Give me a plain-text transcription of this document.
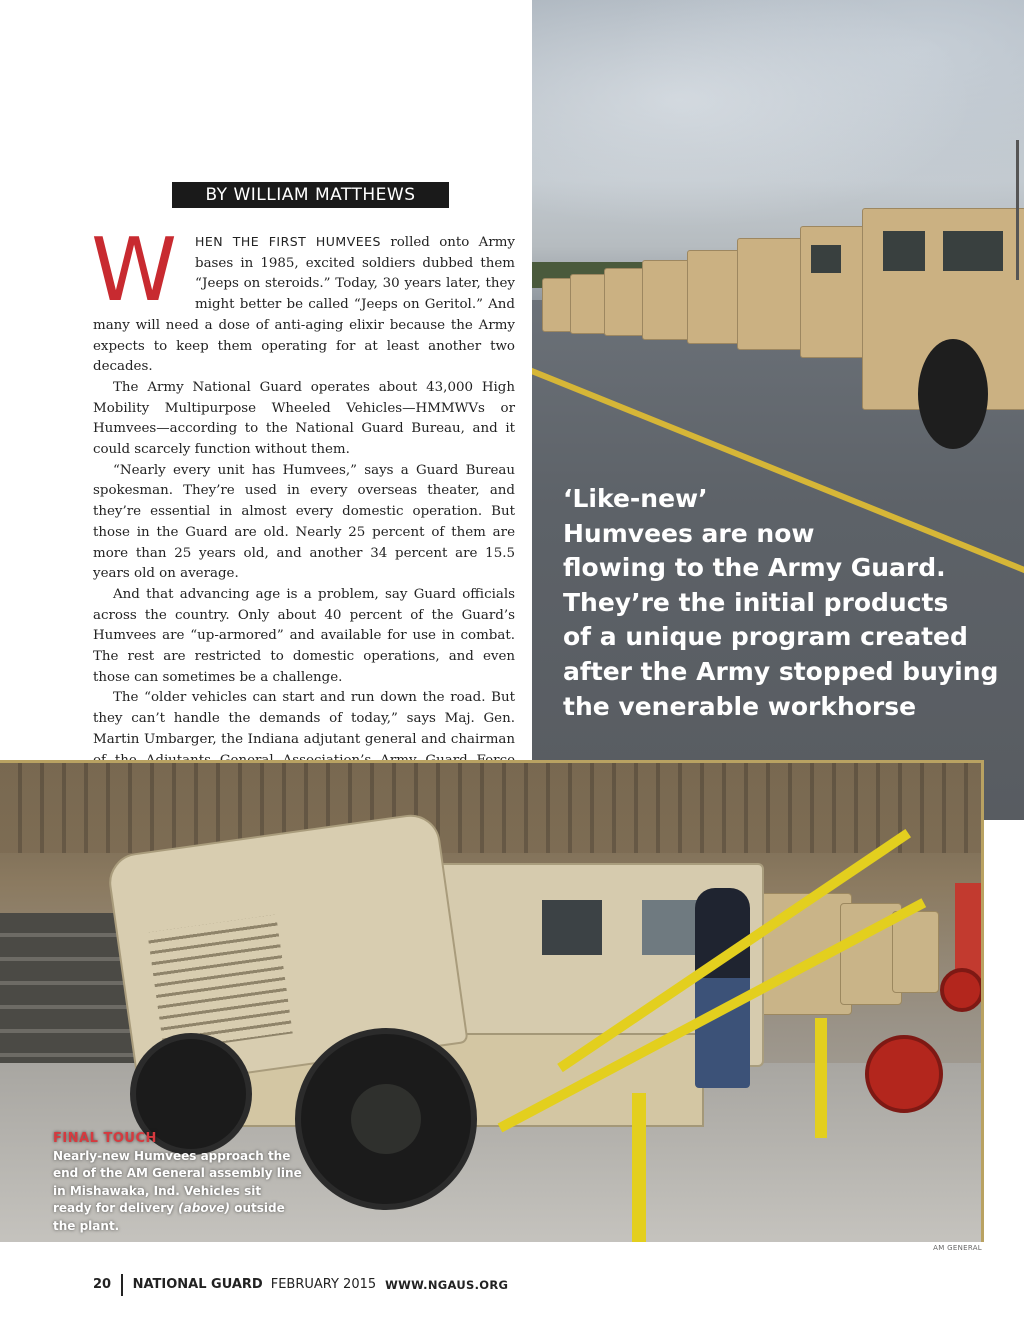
‘Like-new’
Humvees are now
flowing to the Army Guard.
They’re the initial products
of a unique program created
after the Army stopped buying
the venerable workhorse
BY WILLIAM MATTHEWS
W	HEN THE FIRST HUMVEES rolled onto Army bases in 1985, excited soldiers dubbed them “Jeeps on steroids.” Today, 30 years later, they might better be called “Jeeps on Geritol.” And many will need a dose of anti-aging elixir because the Army expects to keep them operating for at least another two decades.

The Army National Guard operates about 43,000 High Mobility Multipurpose Wheeled Vehicles—HMMWVs or Humvees—according to the National Guard Bureau, and it could scarcely function without them.

“Nearly every unit has Humvees,” says a Guard Bureau spokesman. They’re used in every overseas theater, and they’re essential in almost every domestic operation. But those in the Guard are old. Nearly 25 percent of them are more than 25 years old, and another 34 percent are 15.5 years old on average.

And that advancing age is a problem, say Guard officials across the country. Only about 40 percent of the Guard’s Humvees are “up-armored” and available for use in combat. The rest are restricted to domestic operations, and even those can sometimes be a challenge.

The “older vehicles can start and run down the road. But they can’t handle the demands of today,” says Maj. Gen. Martin Umbarger, the Indiana adjutant general and chairman

FINAL TOUCH
Nearly-new Humvees approach the end of the AM General assembly line in Mishawaka, Ind. Vehicles sit ready for delivery (above) outside the plant.
AM GENERAL
20 NATIONAL GUARD FEBRUARY 2015 WWW.NGAUS.ORG
